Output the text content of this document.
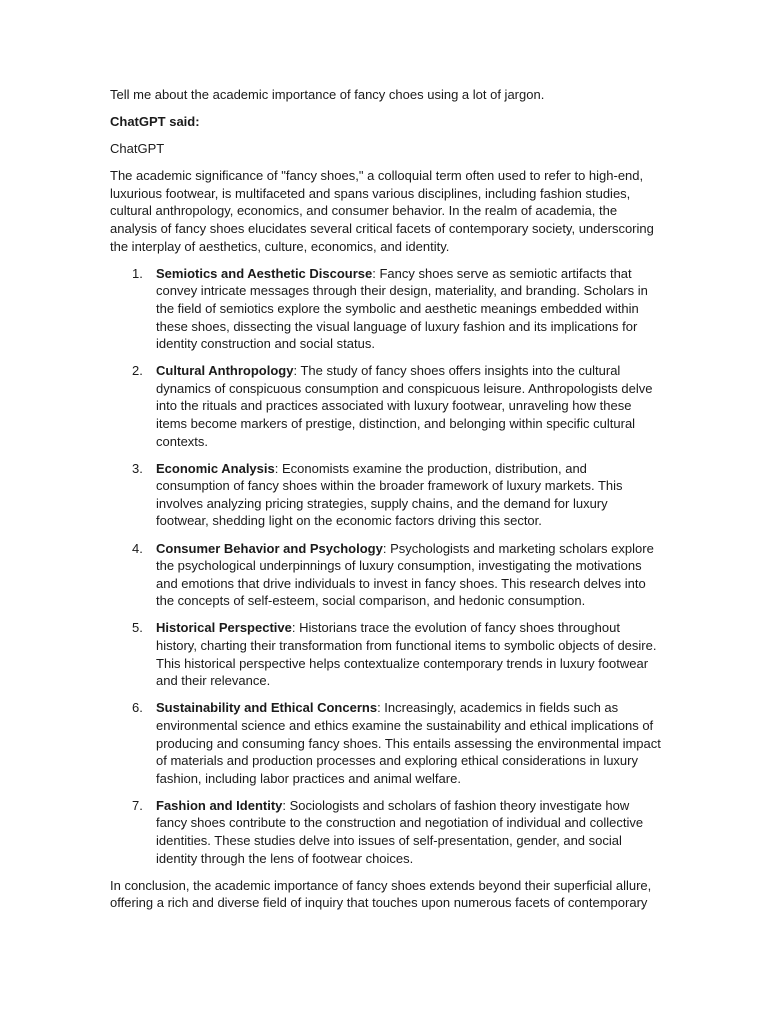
Tell me about the academic importance of fancy choes using a lot of jargon.

ChatGPT said:

ChatGPT

The academic significance of "fancy shoes," a colloquial term often used to refer to high-end, luxurious footwear, is multifaceted and spans various disciplines, including fashion studies, cultural anthropology, economics, and consumer behavior. In the realm of academia, the analysis of fancy shoes elucidates several critical facets of contemporary society, underscoring the interplay of aesthetics, culture, economics, and identity.

1. Semiotics and Aesthetic Discourse: Fancy shoes serve as semiotic artifacts that convey intricate messages through their design, materiality, and branding. Scholars in the field of semiotics explore the symbolic and aesthetic meanings embedded within these shoes, dissecting the visual language of luxury fashion and its implications for identity construction and social status.
2. Cultural Anthropology: The study of fancy shoes offers insights into the cultural dynamics of conspicuous consumption and conspicuous leisure. Anthropologists delve into the rituals and practices associated with luxury footwear, unraveling how these items become markers of prestige, distinction, and belonging within specific cultural contexts.
3. Economic Analysis: Economists examine the production, distribution, and consumption of fancy shoes within the broader framework of luxury markets. This involves analyzing pricing strategies, supply chains, and the demand for luxury footwear, shedding light on the economic factors driving this sector.
4. Consumer Behavior and Psychology: Psychologists and marketing scholars explore the psychological underpinnings of luxury consumption, investigating the motivations and emotions that drive individuals to invest in fancy shoes. This research delves into the concepts of self-esteem, social comparison, and hedonic consumption.
5. Historical Perspective: Historians trace the evolution of fancy shoes throughout history, charting their transformation from functional items to symbolic objects of desire. This historical perspective helps contextualize contemporary trends in luxury footwear and their relevance.
6. Sustainability and Ethical Concerns: Increasingly, academics in fields such as environmental science and ethics examine the sustainability and ethical implications of producing and consuming fancy shoes. This entails assessing the environmental impact of materials and production processes and exploring ethical considerations in luxury fashion, including labor practices and animal welfare.
7. Fashion and Identity: Sociologists and scholars of fashion theory investigate how fancy shoes contribute to the construction and negotiation of individual and collective identities. These studies delve into issues of self-presentation, gender, and social identity through the lens of footwear choices.

In conclusion, the academic importance of fancy shoes extends beyond their superficial allure, offering a rich and diverse field of inquiry that touches upon numerous facets of contemporary
